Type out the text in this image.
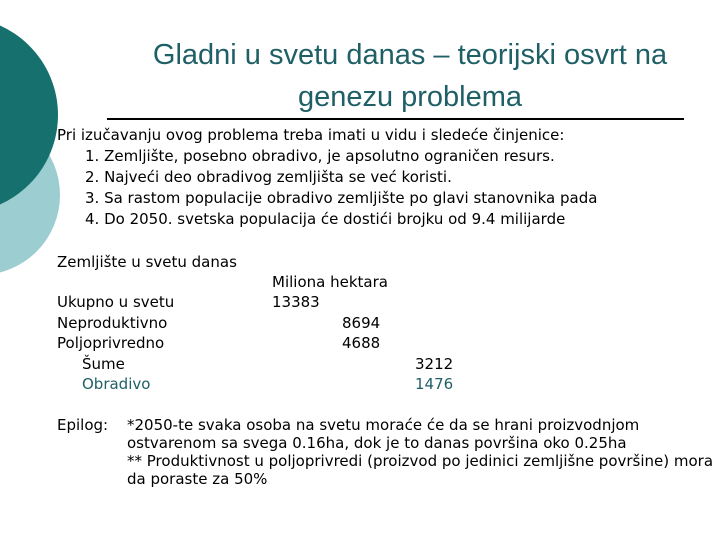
Gladni u svetu danas – teorijski osvrt na genezu problema
Pri izučavanju ovog problema treba imati u vidu i sledeće činjenice:
1. Zemljište, posebno obradivo, je apsolutno ograničen resurs.
2. Najveći deo obradivog zemljišta se već koristi.
3. Sa rastom populacije obradivo zemljište po glavi stanovnika pada
4. Do 2050. svetska populacija će dostići brojku od 9.4 milijarde
Zemljište u svetu danas
Miliona hektara
Ukupno u svetu	13383
Neproduktivno	8694
Poljoprivredno	4688
Šume	3212
Obradivo	1476
Epilog: *2050-te svaka osoba na svetu moraće će da se hrani proizvodnjom ostvarenom sa svega 0.16ha, dok je to danas površina oko 0.25ha
** Produktivnost u poljoprivredi (proizvod po jedinici zemljišne površine) mora da poraste za 50%
